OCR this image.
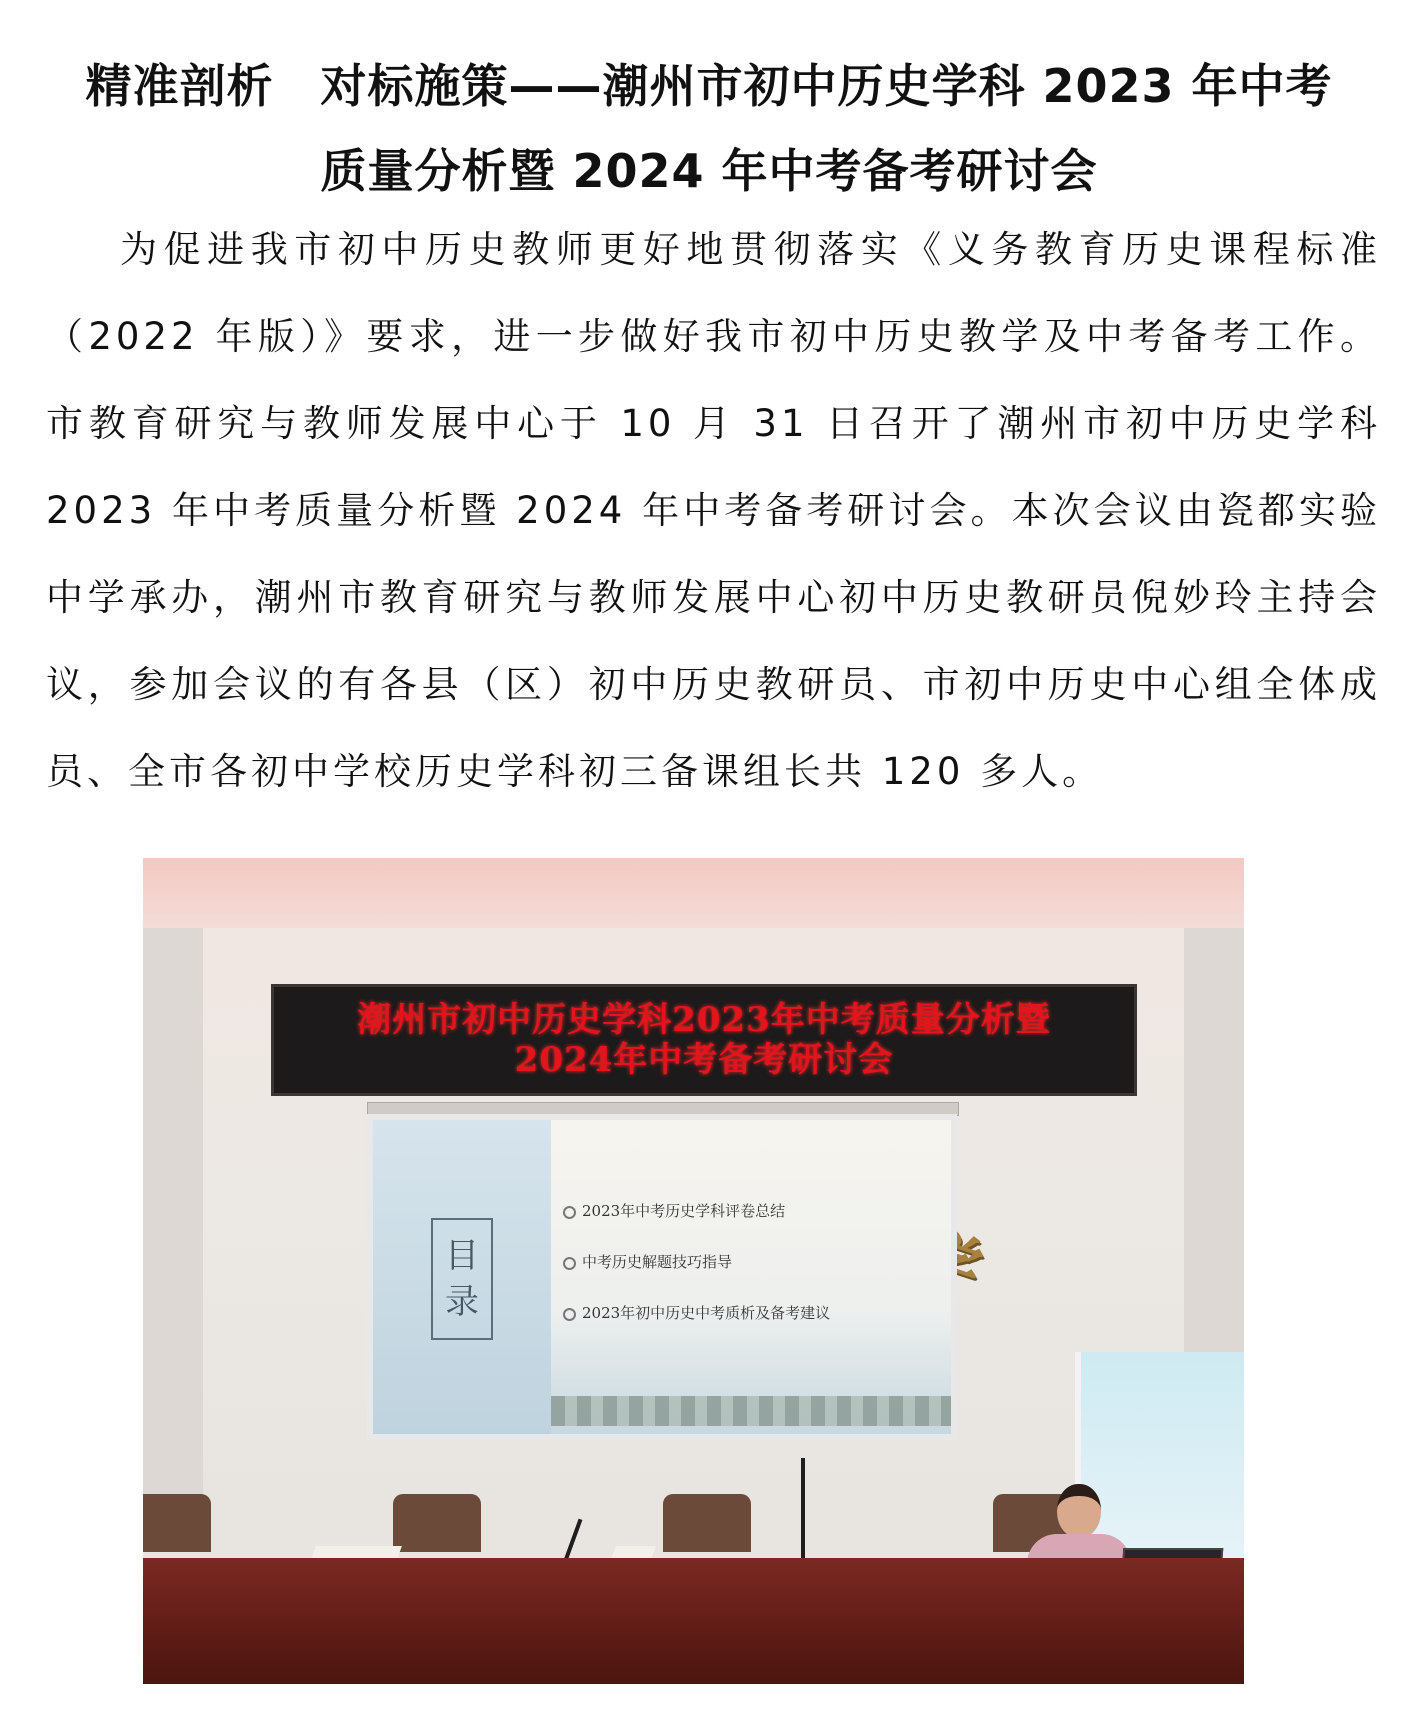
精准剖析　对标施策——潮州市初中历史学科 2023 年中考
质量分析暨 2024 年中考备考研讨会

为促进我市初中历史教师更好地贯彻落实《义务教育历史课程标准（2022 年版）》要求，进一步做好我市初中历史教学及中考备考工作。市教育研究与教师发展中心于 10 月 31 日召开了潮州市初中历史学科 2023 年中考质量分析暨 2024 年中考备考研讨会。本次会议由瓷都实验中学承办，潮州市教育研究与教师发展中心初中历史教研员倪妙玲主持会议，参加会议的有各县（区）初中历史教研员、市初中历史中心组全体成员、全市各初中学校历史学科初三备课组长共 120 多人。

潮州市初中历史学科2023年中考质量分析暨
2024年中考备考研讨会
目
录
2023年中考历史学科评卷总结
中考历史解题技巧指导
2023年初中历史中考质析及备考建议
